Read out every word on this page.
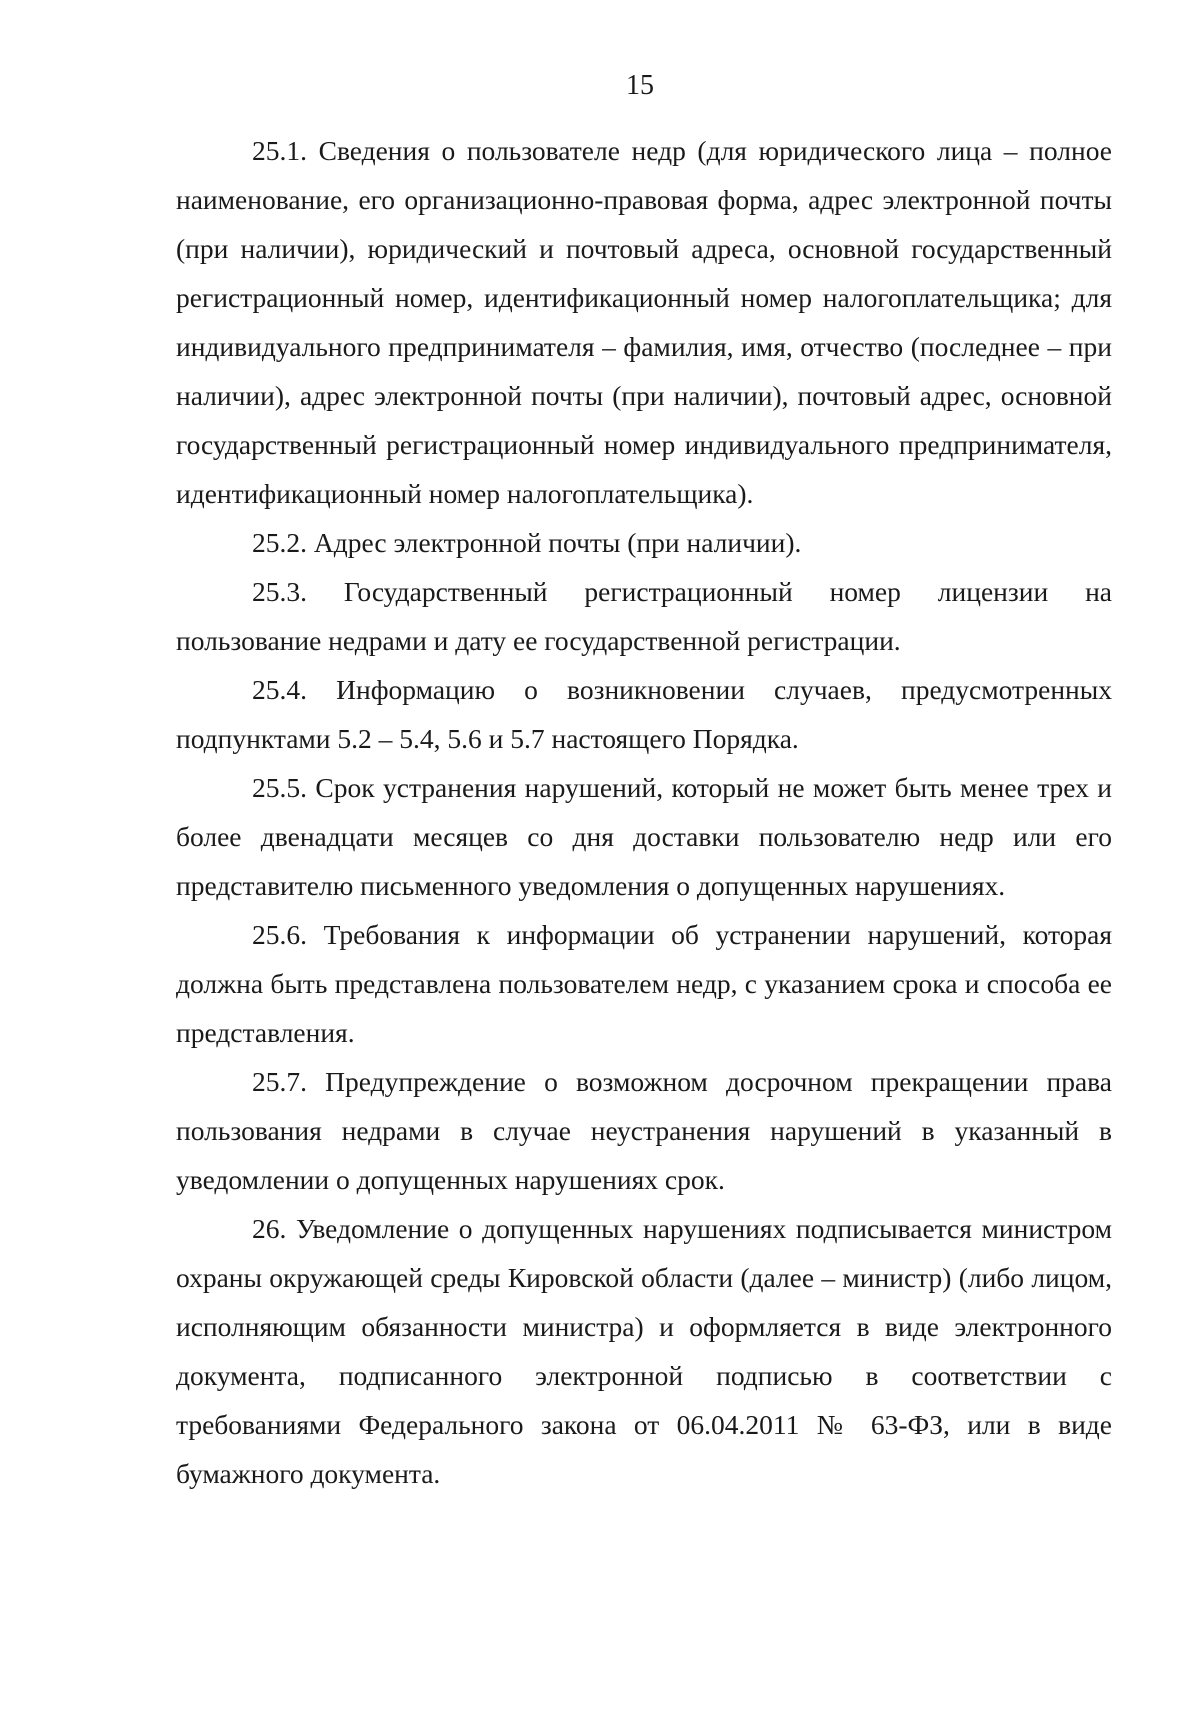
15

25.1. Сведения о пользователе недр (для юридического лица – полное наименование, его организационно-правовая форма, адрес электронной почты (при наличии), юридический и почтовый адреса, основной государственный регистрационный номер, идентификационный номер налогоплательщика; для индивидуального предпринимателя – фамилия, имя, отчество (последнее – при наличии), адрес электронной почты (при наличии), почтовый адрес, основной государственный регистрационный номер индивидуального предпринимателя, идентификационный номер налогоплательщика).

25.2. Адрес электронной почты (при наличии).

25.3. Государственный регистрационный номер лицензии на пользование недрами и дату ее государственной регистрации.

25.4. Информацию о возникновении случаев, предусмотренных подпунктами 5.2 – 5.4, 5.6 и 5.7 настоящего Порядка.

25.5. Срок устранения нарушений, который не может быть менее трех и более двенадцати месяцев со дня доставки пользователю недр или его представителю письменного уведомления о допущенных нарушениях.

25.6. Требования к информации об устранении нарушений, которая должна быть представлена пользователем недр, с указанием срока и способа ее представления.

25.7. Предупреждение о возможном досрочном прекращении права пользования недрами в случае неустранения нарушений в указанный в уведомлении о допущенных нарушениях срок.

26. Уведомление о допущенных нарушениях подписывается министром охраны окружающей среды Кировской области (далее – министр) (либо лицом, исполняющим обязанности министра) и оформляется в виде электронного документа, подписанного электронной подписью в соответствии с требованиями Федерального закона от 06.04.2011 № 63-ФЗ, или в виде бумажного документа.
